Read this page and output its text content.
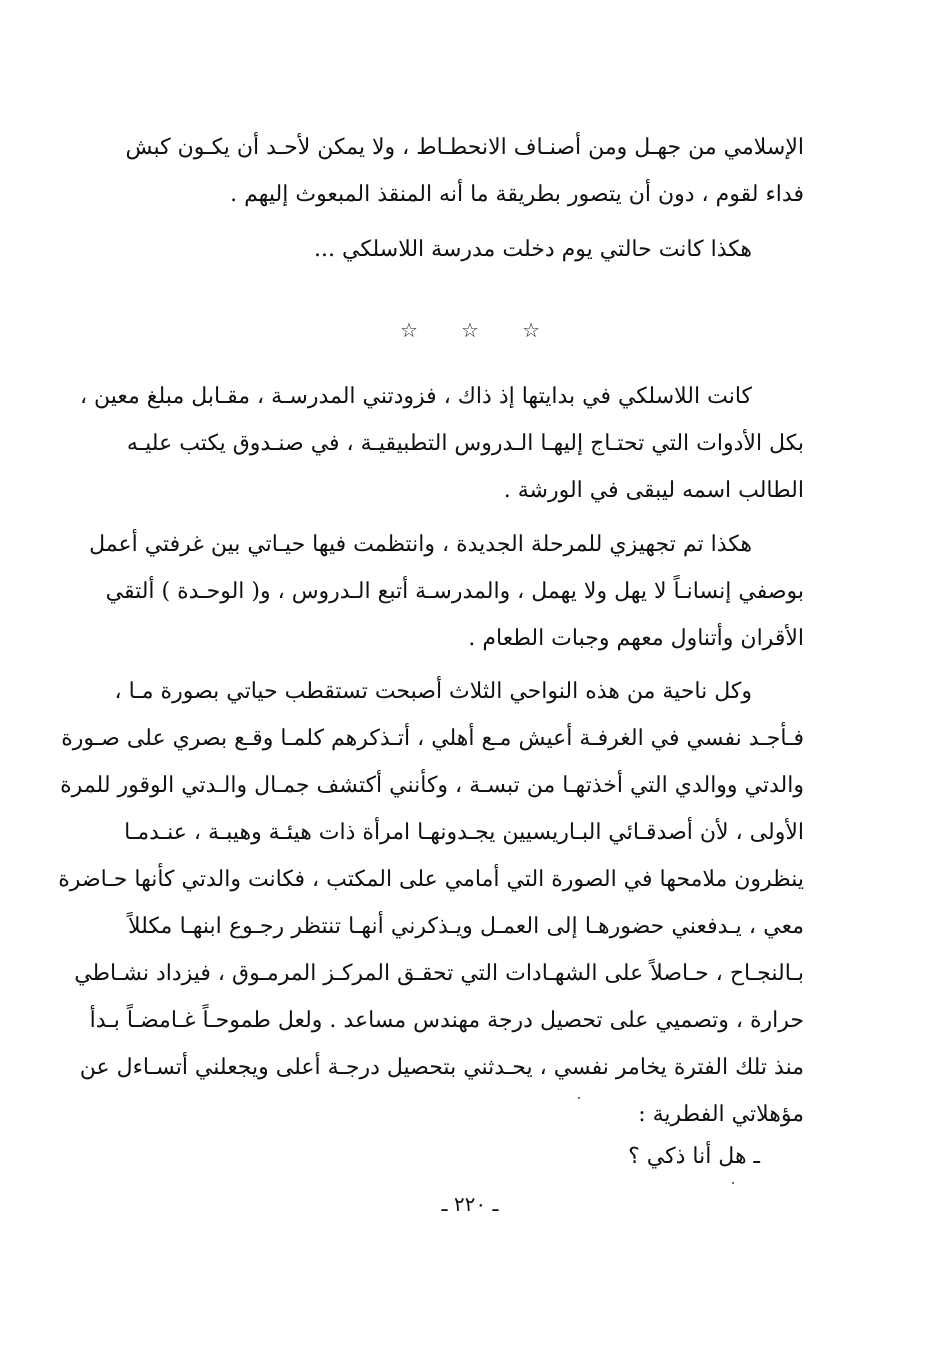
الإسلامي من جهـل ومن أصنـاف الانحطـاط ، ولا يمكن لأحـد أن يكـون كبش
فداء لقوم ، دون أن يتصور بطريقة ما أنه المنقذ المبعوث إليهم .
هكذا كانت حالتي يوم دخلت مدرسة اللاسلكي ...
☆ ☆ ☆
كانت اللاسلكي في بدايتها إذ ذاك ، فزودتني المدرسـة ، مقـابل مبلغ معين ،
بكل الأدوات التي تحتـاج إليهـا الـدروس التطبيقيـة ، في صنـدوق يكتب عليـه
الطالب اسمه ليبقى في الورشة .
هكذا تم تجهيزي للمرحلة الجديدة ، وانتظمت فيها حيـاتي بين غرفتي أعمل
بوصفي إنسانـاً لا يهل ولا يهمل ، والمدرسـة أتبع الـدروس ، و( الوحـدة ) ألتقي
الأقران وأتناول معهم وجبات الطعام .
وكل ناحية من هذه النواحي الثلاث أصبحت تستقطب حياتي بصورة مـا ،
فـأجـد نفسي في الغرفـة أعيش مـع أهلي ، أتـذكرهم كلمـا وقـع بصري على صـورة
والدتي ووالدي التي أخذتهـا من تبسـة ، وكأنني أكتشف جمـال والـدتي الوقور للمرة
الأولى ، لأن أصدقـائي البـاريسيين يجـدونهـا امرأة ذات هيئـة وهيبـة ، عنـدمـا
ينظرون ملامحها في الصورة التي أمامي على المكتب ، فكانت والدتي كأنها حـاضرة
معي ، يـدفعني حضورهـا إلى العمـل ويـذكرني أنهـا تنتظر رجـوع ابنهـا مكللاً
بـالنجـاح ، حـاصلاً على الشهـادات التي تحقـق المركـز المرمـوق ، فيزداد نشـاطي
حرارة ، وتصميي على تحصيل درجة مهندس مساعد . ولعل طموحـاً غـامضـاً بـدأ
منذ تلك الفترة يخامر نفسي ، يحـدثني بتحصيل درجـة أعلى ويجعلني أتسـاءل عن
مؤهلاتي الفطرية :
ـ هل أنا ذكي ؟
ـ ٢٢٠ ـ
